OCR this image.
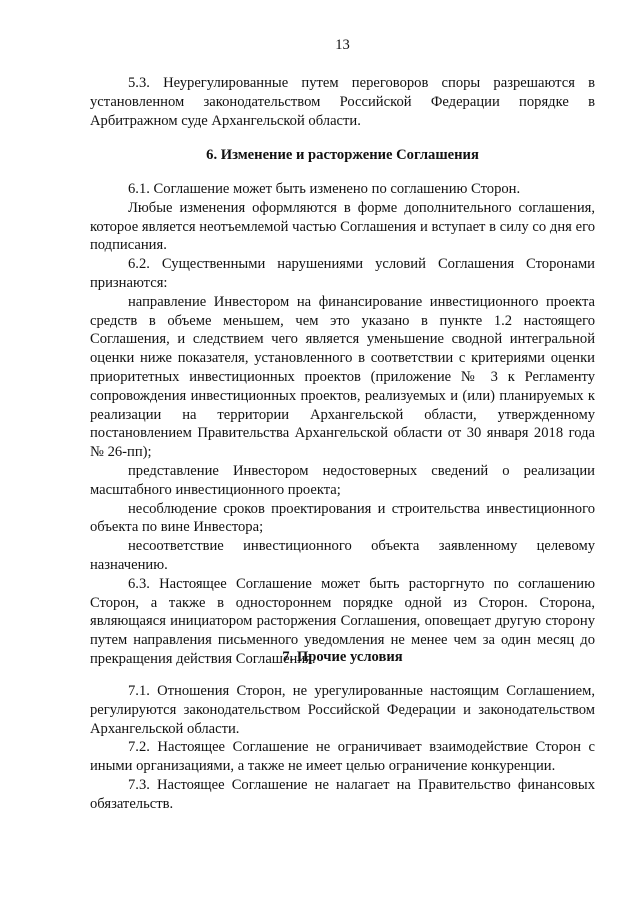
13

5.3. Неурегулированные путем переговоров споры разрешаются в установленном законодательством Российской Федерации порядке в Арбитражном суде Архангельской области.

6. Изменение и расторжение Соглашения

6.1. Соглашение может быть изменено по соглашению Сторон.

Любые изменения оформляются в форме дополнительного соглашения, которое является неотъемлемой частью Соглашения и вступает в силу со дня его подписания.

6.2. Существенными нарушениями условий Соглашения Сторонами признаются:

направление Инвестором на финансирование инвестиционного проекта средств в объеме меньшем, чем это указано в пункте 1.2 настоящего Соглашения, и следствием чего является уменьшение сводной интегральной оценки ниже показателя, установленного в соответствии с критериями оценки приоритетных инвестиционных проектов (приложение № 3 к Регламенту сопровождения инвестиционных проектов, реализуемых и (или) планируемых к реализации на территории Архангельской области, утвержденному постановлением Правительства Архангельской области от 30 января 2018 года № 26-пп);

представление Инвестором недостоверных сведений о реализации масштабного инвестиционного проекта;

несоблюдение сроков проектирования и строительства инвестиционного объекта по вине Инвестора;

несоответствие инвестиционного объекта заявленному целевому назначению.

6.3. Настоящее Соглашение может быть расторгнуто по соглашению Сторон, а также в одностороннем порядке одной из Сторон. Сторона, являющаяся инициатором расторжения Соглашения, оповещает другую сторону путем направления письменного уведомления не менее чем за один месяц до прекращения действия Соглашения.

7. Прочие условия

7.1. Отношения Сторон, не урегулированные настоящим Соглашением, регулируются законодательством Российской Федерации и законодательством Архангельской области.

7.2. Настоящее Соглашение не ограничивает взаимодействие Сторон с иными организациями, а также не имеет целью ограничение конкуренции.

7.3. Настоящее Соглашение не налагает на Правительство финансовых обязательств.
